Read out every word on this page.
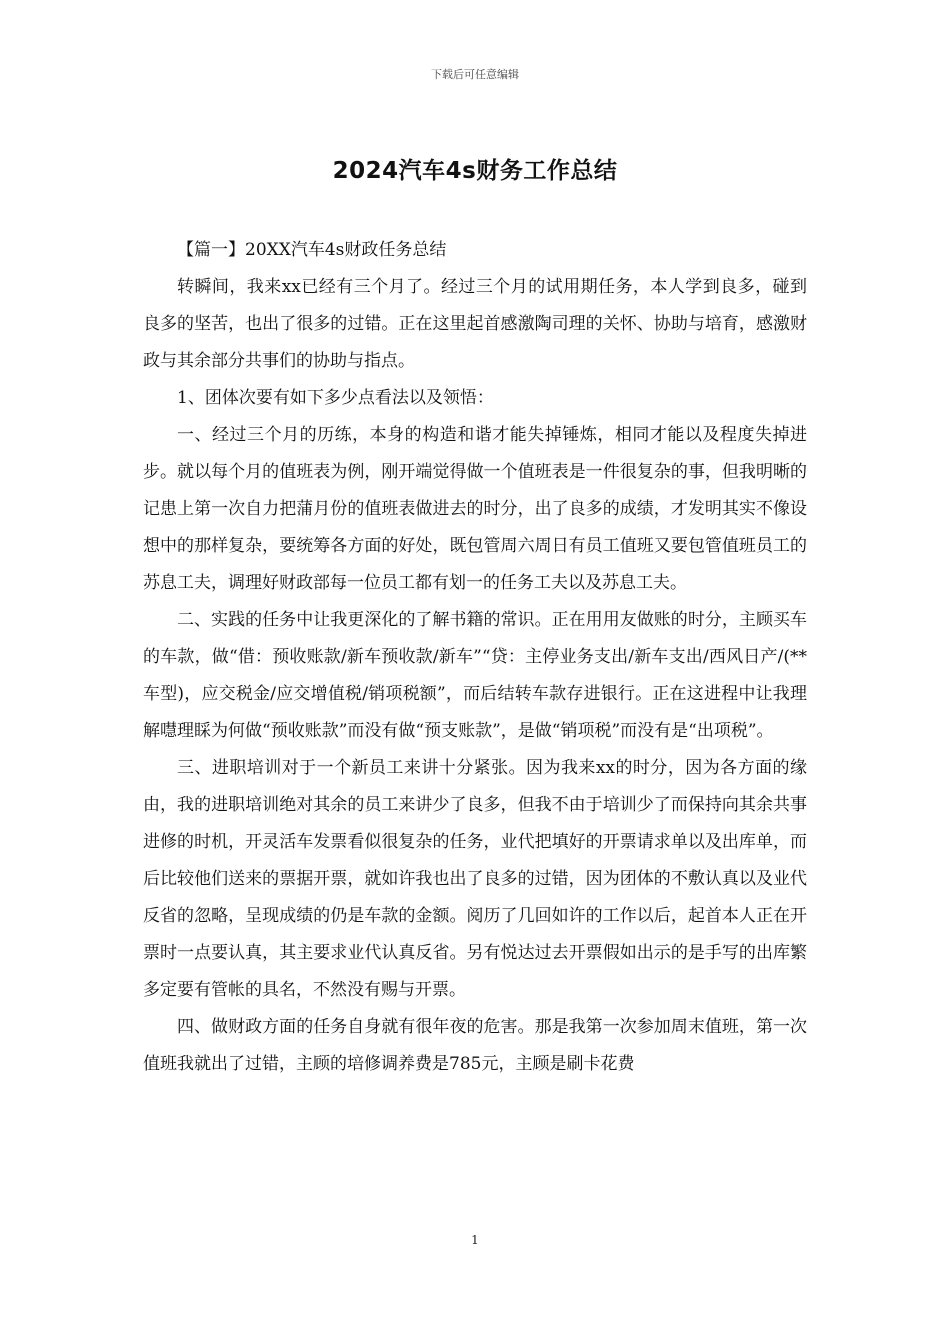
下载后可任意编辑
2024汽车4s财务工作总结

【篇一】20XX汽车4s财政任务总结

转瞬间，我来xx已经有三个月了。经过三个月的试用期任务，本人学到良多，碰到良多的坚苦，也出了很多的过错。正在这里起首感激陶司理的关怀、协助与培育，感激财政与其余部分共事们的协助与指点。

1、团体次要有如下多少点看法以及领悟：

一、经过三个月的历练，本身的构造和谐才能失掉锤炼，相同才能以及程度失掉进步。就以每个月的值班表为例，刚开端觉得做一个值班表是一件很复杂的事，但我明晰的记患上第一次自力把蒲月份的值班表做进去的时分，出了良多的成绩，才发明其实不像设想中的那样复杂，要统筹各方面的好处，既包管周六周日有员工值班又要包管值班员工的苏息工夫，调理好财政部每一位员工都有划一的任务工夫以及苏息工夫。

二、实践的任务中让我更深化的了解书籍的常识。正在用用友做账的时分，主顾买车的车款，做“借：预收账款/新车预收款/新车”“贷：主停业务支出/新车支出/西风日产/(**车型)，应交税金/应交增值税/销项税额”，而后结转车款存进银行。正在这进程中让我理解嚖理睬为何做“预收账款”而没有做“预支账款”，是做“销项税”而没有是“出项税”。

三、进职培训对于一个新员工来讲十分紧张。因为我来xx的时分，因为各方面的缘由，我的进职培训绝对其余的员工来讲少了良多，但我不由于培训少了而保持向其余共事进修的时机，开灵活车发票看似很复杂的任务，业代把填好的开票请求单以及出库单，而后比较他们送来的票据开票，就如许我也出了良多的过错，因为团体的不敷认真以及业代反省的忽略，呈现成绩的仍是车款的金额。阅历了几回如许的工作以后，起首本人正在开票时一点要认真，其主要求业代认真反省。另有悦达过去开票假如出示的是手写的出库繁多定要有管帐的具名，不然没有赐与开票。

四、做财政方面的任务自身就有很年夜的危害。那是我第一次参加周末值班，第一次值班我就出了过错，主顾的培修调养费是785元，主顾是刷卡花费

1
